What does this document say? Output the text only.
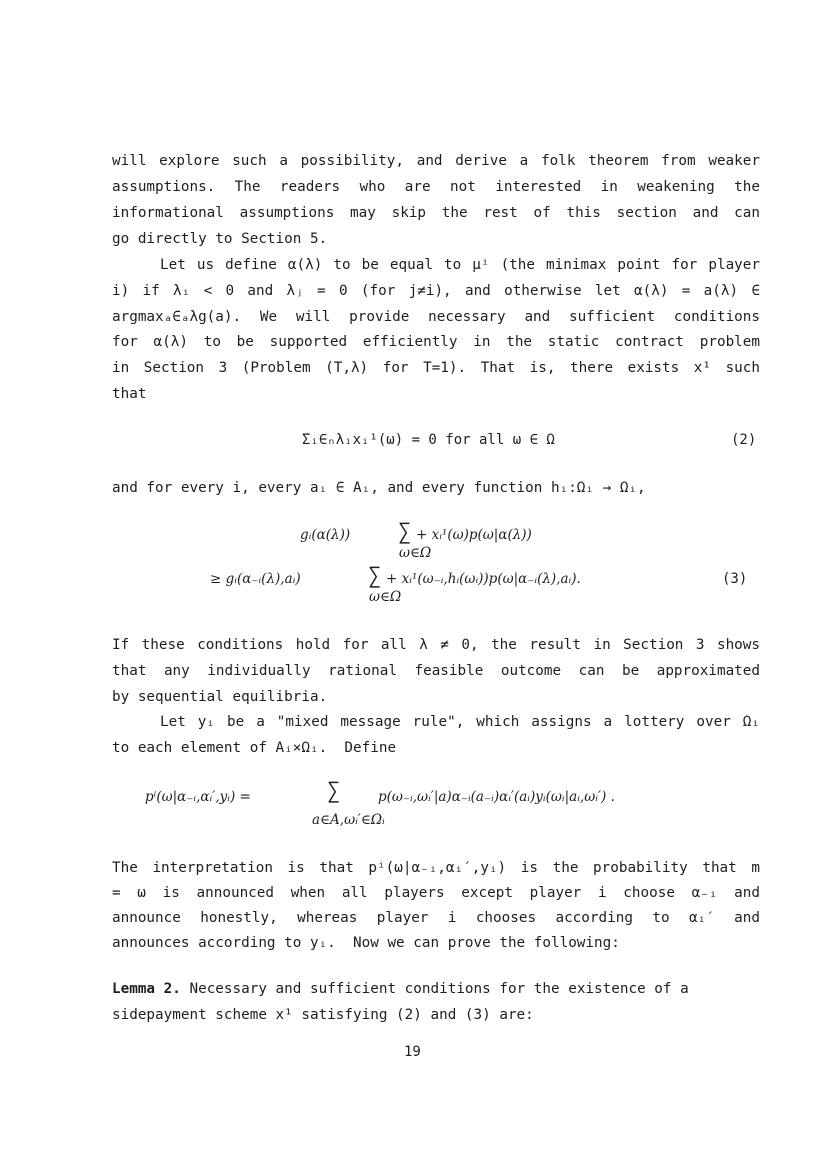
will explore such a possibility, and derive a folk theorem from weaker
assumptions. The readers who are not interested in weakening the
informational assumptions may skip the rest of this section and can
go directly to Section 5.
Let us define α(λ) to be equal to μⁱ (the minimax point for player
i) if λᵢ < 0 and λⱼ = 0 (for j≠i), and otherwise let α(λ) = a(λ) ∈
argmaxₐ∈ₐλg(a). We will provide necessary and sufficient conditions
for α(λ) to be supported efficiently in the static contract problem
in Section 3 (Problem (T,λ) for T=1). That is, there exists x¹ such
that
Σᵢ∈ₙλᵢxᵢ¹(ω) = 0 for all ω ∈ Ω	(2)
and for every i, every aᵢ ∈ Aᵢ, and every function hᵢ:Ωᵢ → Ωᵢ,
gᵢ(α(λ)) ∑
ω∈Ω
+ xᵢ¹(ω)p(ω|α(λ))
≥ gᵢ(α₋ᵢ(λ),aᵢ)	∑
ω∈Ω
+ xᵢ¹(ω₋ᵢ,hᵢ(ωᵢ))p(ω|α₋ᵢ(λ),aᵢ).	(3)
If these conditions hold for all λ ≠ 0, the result in Section 3 shows
that any individually rational feasible outcome can be approximated
by sequential equilibria.
Let yᵢ be a "mixed message rule", which assigns a lottery over Ωᵢ
to each element of Aᵢ×Ωᵢ.  Define
pⁱ(ω|α₋ᵢ,αᵢ′,yᵢ) =	∑
a∈A,ωᵢ′∈Ωᵢ
p(ω₋ᵢ,ωᵢ′|a)α₋ᵢ(a₋ᵢ)αᵢ′(aᵢ)yᵢ(ωᵢ|aᵢ,ωᵢ′) .
The interpretation is that pⁱ(ω|α₋ᵢ,αᵢ′,yᵢ) is the probability that m
= ω is announced when all players except player i choose α₋ᵢ and
announce honestly, whereas player i chooses according to αᵢ′ and
announces according to yᵢ.  Now we can prove the following:
Lemma 2. Necessary and sufficient conditions for the existence of a
sidepayment scheme x¹ satisfying (2) and (3) are:
19
